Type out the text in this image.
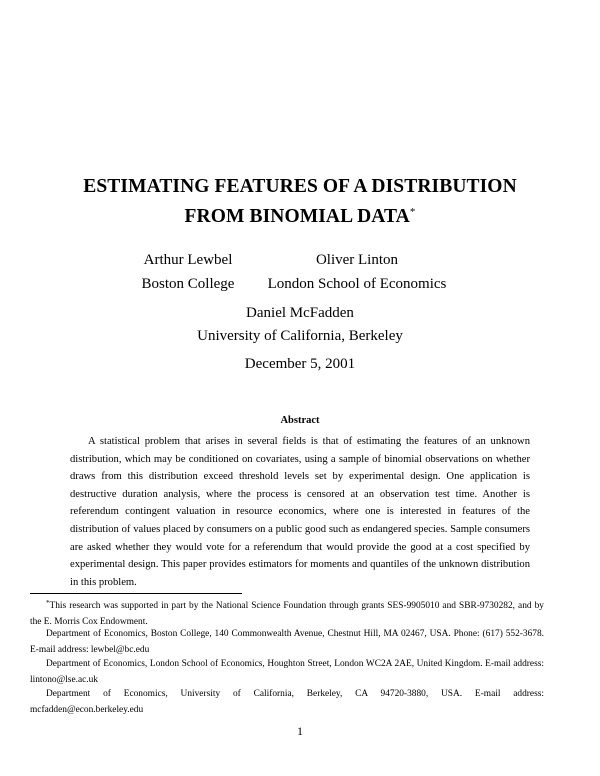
ESTIMATING FEATURES OF A DISTRIBUTION
FROM BINOMIAL DATA*
Arthur Lewbel
Boston College
Oliver Linton
London School of Economics
Daniel McFadden
University of California, Berkeley
December 5, 2001
Abstract
A statistical problem that arises in several fields is that of estimating the features of an unknown distribution, which may be conditioned on covariates, using a sample of binomial observations on whether draws from this distribution exceed threshold levels set by experimental design. One application is destructive duration analysis, where the process is censored at an observation test time. Another is referendum contingent valuation in resource economics, where one is interested in features of the distribution of values placed by consumers on a public good such as endangered species. Sample consumers are asked whether they would vote for a referendum that would provide the good at a cost specified by experimental design. This paper provides estimators for moments and quantiles of the unknown distribution in this problem.
*This research was supported in part by the National Science Foundation through grants SES-9905010 and SBR-9730282, and by the E. Morris Cox Endowment.
Department of Economics, Boston College, 140 Commonwealth Avenue, Chestnut Hill, MA 02467, USA. Phone: (617) 552-3678. E-mail address: lewbel@bc.edu
Department of Economics, London School of Economics, Houghton Street, London WC2A 2AE, United Kingdom. E-mail address: lintono@lse.ac.uk
Department of Economics, University of California, Berkeley, CA 94720-3880, USA. E-mail address: mcfadden@econ.berkeley.edu
1
